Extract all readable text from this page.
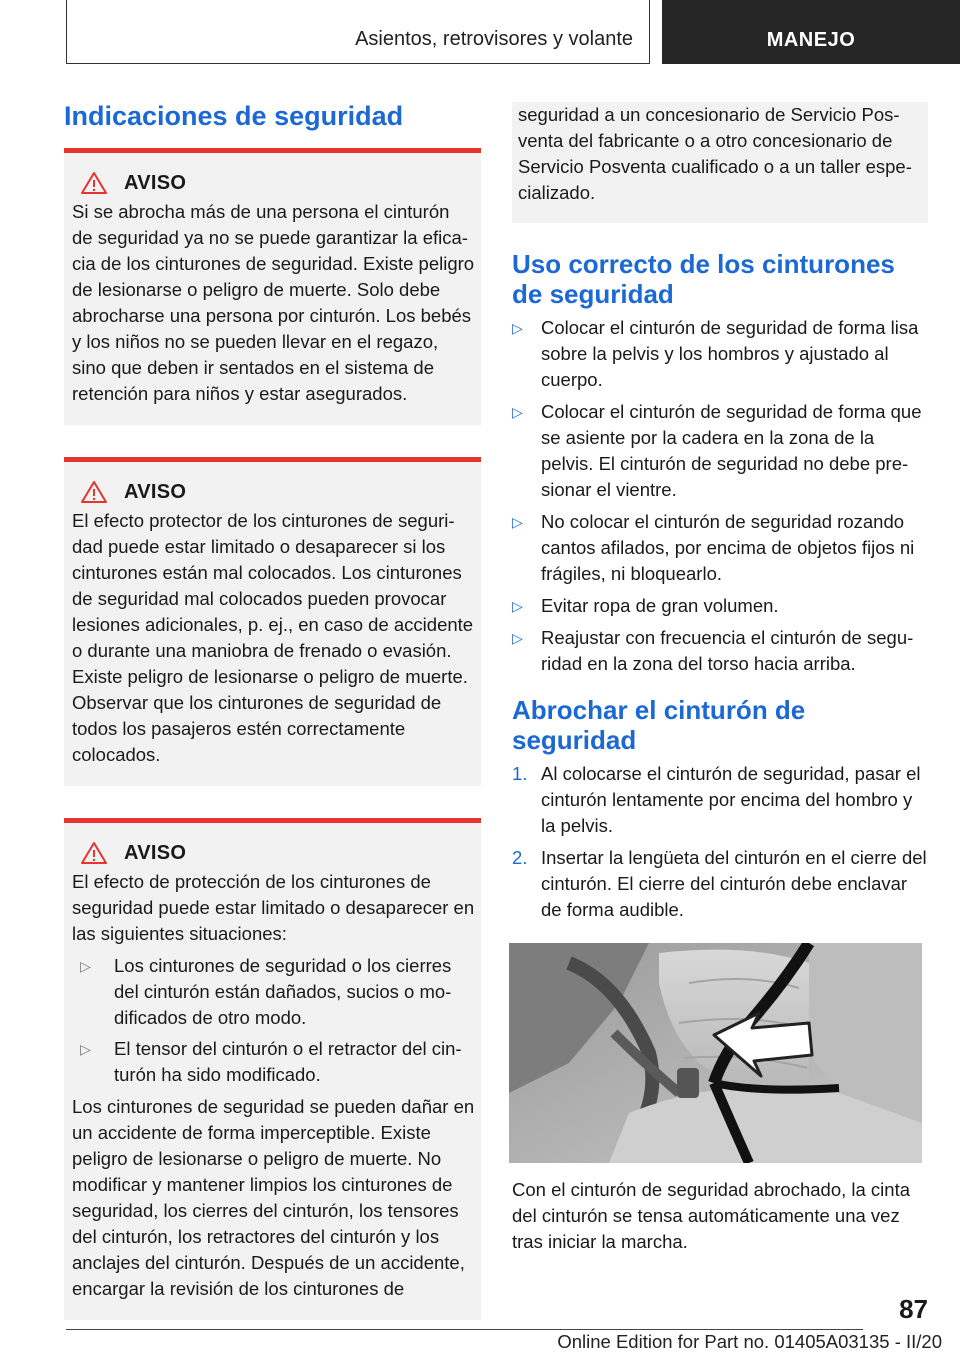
Asientos, retrovisores y volante	MANEJO
Indicaciones de seguridad
AVISO

Si se abrocha más de una persona el cinturón de seguridad ya no se puede garantizar la eficacia de los cinturones de seguridad. Existe peligro de lesionarse o peligro de muerte. Solo debe abrocharse una persona por cinturón. Los bebés y los niños no se pueden llevar en el regazo, sino que deben ir sentados en el sistema de retención para niños y estar asegurados.

AVISO

El efecto protector de los cinturones de seguridad puede estar limitado o desaparecer si los cinturones están mal colocados. Los cinturones de seguridad mal colocados pueden provocar lesiones adicionales, p. ej., en caso de accidente o durante una maniobra de frenado o evasión. Existe peligro de lesionarse o peligro de muerte. Observar que los cinturones de seguridad de todos los pasajeros estén correctamente colocados.

AVISO

El efecto de protección de los cinturones de seguridad puede estar limitado o desaparecer en las siguientes situaciones:

▷	Los cinturones de seguridad o los cierres del cinturón están dañados, sucios o modificados de otro modo.
▷	El tensor del cinturón o el retractor del cinturón ha sido modificado.

Los cinturones de seguridad se pueden dañar en un accidente de forma imperceptible. Existe peligro de lesionarse o peligro de muerte. No modificar y mantener limpios los cinturones de seguridad, los cierres del cinturón, los tensores del cinturón, los retractores del cinturón y los anclajes del cinturón. Después de un accidente, encargar la revisión de los cinturones de

seguridad a un concesionario de Servicio Posventa del fabricante o a otro concesionario de Servicio Posventa cualificado o a un taller especializado.

Uso correcto de los cinturones de seguridad
▷ Colocar el cinturón de seguridad de forma lisa sobre la pelvis y los hombros y ajustado al cuerpo.
▷ Colocar el cinturón de seguridad de forma que se asiente por la cadera en la zona de la pelvis. El cinturón de seguridad no debe presionar el vientre.
▷ No colocar el cinturón de seguridad rozando cantos afilados, por encima de objetos fijos ni frágiles, ni bloquearlo.
▷ Evitar ropa de gran volumen.
▷ Reajustar con frecuencia el cinturón de seguridad en la zona del torso hacia arriba.
Abrochar el cinturón de seguridad
1. Al colocarse el cinturón de seguridad, pasar el cinturón lentamente por encima del hombro y la pelvis.
2. Insertar la lengüeta del cinturón en el cierre del cinturón. El cierre del cinturón debe enclavar de forma audible.

Con el cinturón de seguridad abrochado, la cinta del cinturón se tensa automáticamente una vez tras iniciar la marcha.

87
Online Edition for Part no. 01405A03135 - II/20
